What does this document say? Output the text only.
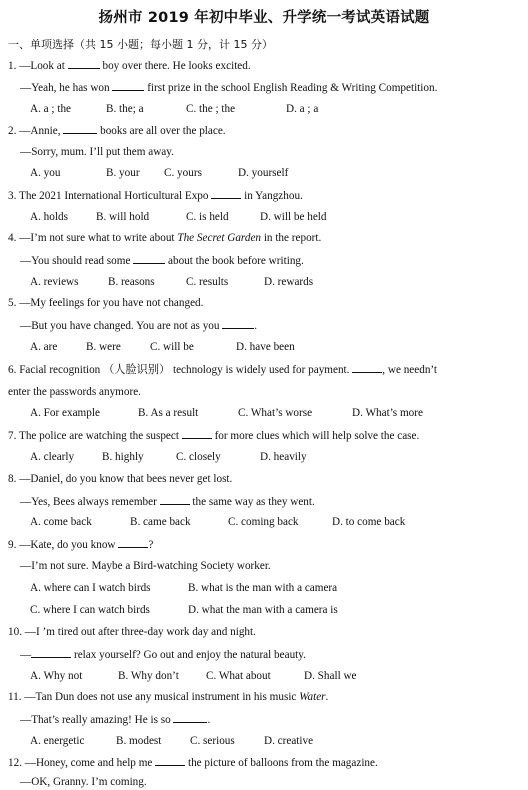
扬州市 2019 年初中毕业、升学统一考试英语试题
一、单项选择（共 15 小题；每小题 1 分，计 15 分）
1. —Look at	boy over there. He looks excited.
—Yeah, he has won	first prize in the school English Reading & Writing Competition.
A. a ; the	B. the; a	C. the ; the	D. a ; a
2. —Annie,	books are all over the place.
—Sorry, mum. I’ll put them away.
A. you	B. your C. yours	D. yourself
3. The 2021 International Horticultural Expo	in Yangzhou.
A. holds	B. will hold	C. is held	D. will be held
4. —I’m not sure what to write about The Secret Garden in the report.
—You should read some	about the book before writing.
A. reviews	B. reasons	C. results	D. rewards
5. —My feelings for you have not changed.
—But you have changed. You are not as you	.
A. are	B. were	C. will be	D. have been
6. Facial recognition （人脸识别） technology is widely used for payment.	, we needn’t
enter the passwords anymore.
A. For example	B. As a result	C. What’s worse	D. What’s more
7. The police are watching the suspect	for more clues which will help solve the case.
A. clearly B. highly	C. closely	D. heavily
8. —Daniel, do you know that bees never get lost.
—Yes, Bees always remember	the same way as they went.
A. come back	B. came back	C. coming back	D. to come back
9. —Kate, do you know	?
—I’m not sure. Maybe a Bird-watching Society worker.
A. where can I watch birds	B. what is the man with a camera
C. where I can watch birds	D. what the man with a camera is
10. —I ’m tired out after three-day work day and night.
—	relax yourself? Go out and enjoy the natural beauty.
A. Why not	B. Why don’t C. What about	D. Shall we
11. —Tan Dun does not use any musical instrument in his music Water.
—That’s really amazing! He is so	.
A. energetic	B. modest	C. serious	D. creative
12. —Honey, come and help me	the picture of balloons from the magazine.
—OK, Granny. I’m coming.
